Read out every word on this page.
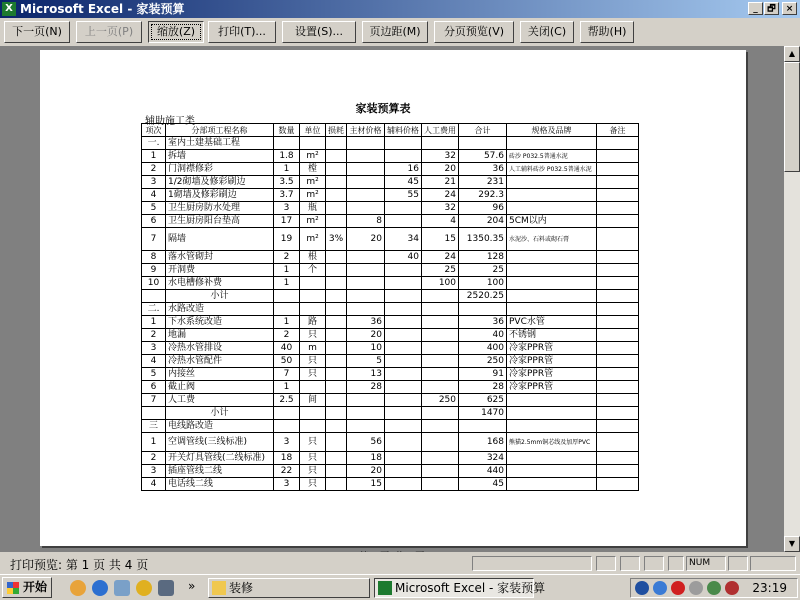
X Microsoft Excel - 家装预算	_	🗗	×
下一页(N)	上一页(P)	缩放(Z)	打印(T)...	设置(S)...	页边距(M)	分页预览(V)	关闭(C)	帮助(H)
家装预算表
辅助施工类
项次	分部项工程名称	数量	单位	损耗	主材价格	辅料价格	人工费用	合计	规格及品牌	备注
一.	室内土建基础工程									
1	拆墙	1.8	m²				32	57.6	砖沙 P032.5普通水泥	
2	门洞襟修彩	1	樘			16	20	36	人工辅料砖沙 P032.5普通水泥	
3	1/2砌墙及修彩刷边	3.5	m²			45	21	231		
4	1砌墙及修彩刷边	3.7	m²			55	24	292.3		
5	卫生厨房防水处理	3	瓶				32	96		
6	卫生厨房阳台垫高	17	m²		8		4	204	5CM以内	
7	隔墙	19	m²	3%	20	34	15	1350.35	水泥沙、石料或砌石膏	
8	落水管砌封	2	根			40	24	128		
9	开洞费	1	个				25	25		
10	水电槽修补费	1					100	100		
	小计							2520.25		
二.	水路改造									
1	下水系统改造	1	路		36			36	PVC水管	
2	地漏	2	只		20			40	不锈钢	
3	冷热水管排设	40	m		10			400	冷家PPR管	
4	冷热水管配件	50	只		5			250	冷家PPR管	
5	内接丝	7	只		13			91	冷家PPR管	
6	截止阀	1			28			28	冷家PPR管	
7	人工费	2.5	间				250	625		
	小计							1470		
三	电线路改造									
1	空调管线(三线标准)	3	只		56			168	熊猫2.5mm铜芯线及加厚PVC	
2	开关灯具管线(二线标准)	18	只		18			324		
3	插座管线二线	22	只		20			440		
4	电话线二线	3	只		15			45		
▲
▼
打印预览: 第 1 页 共 4 页	NUM
开始	»	装修	Microsoft Excel - 家装预算	23:19
